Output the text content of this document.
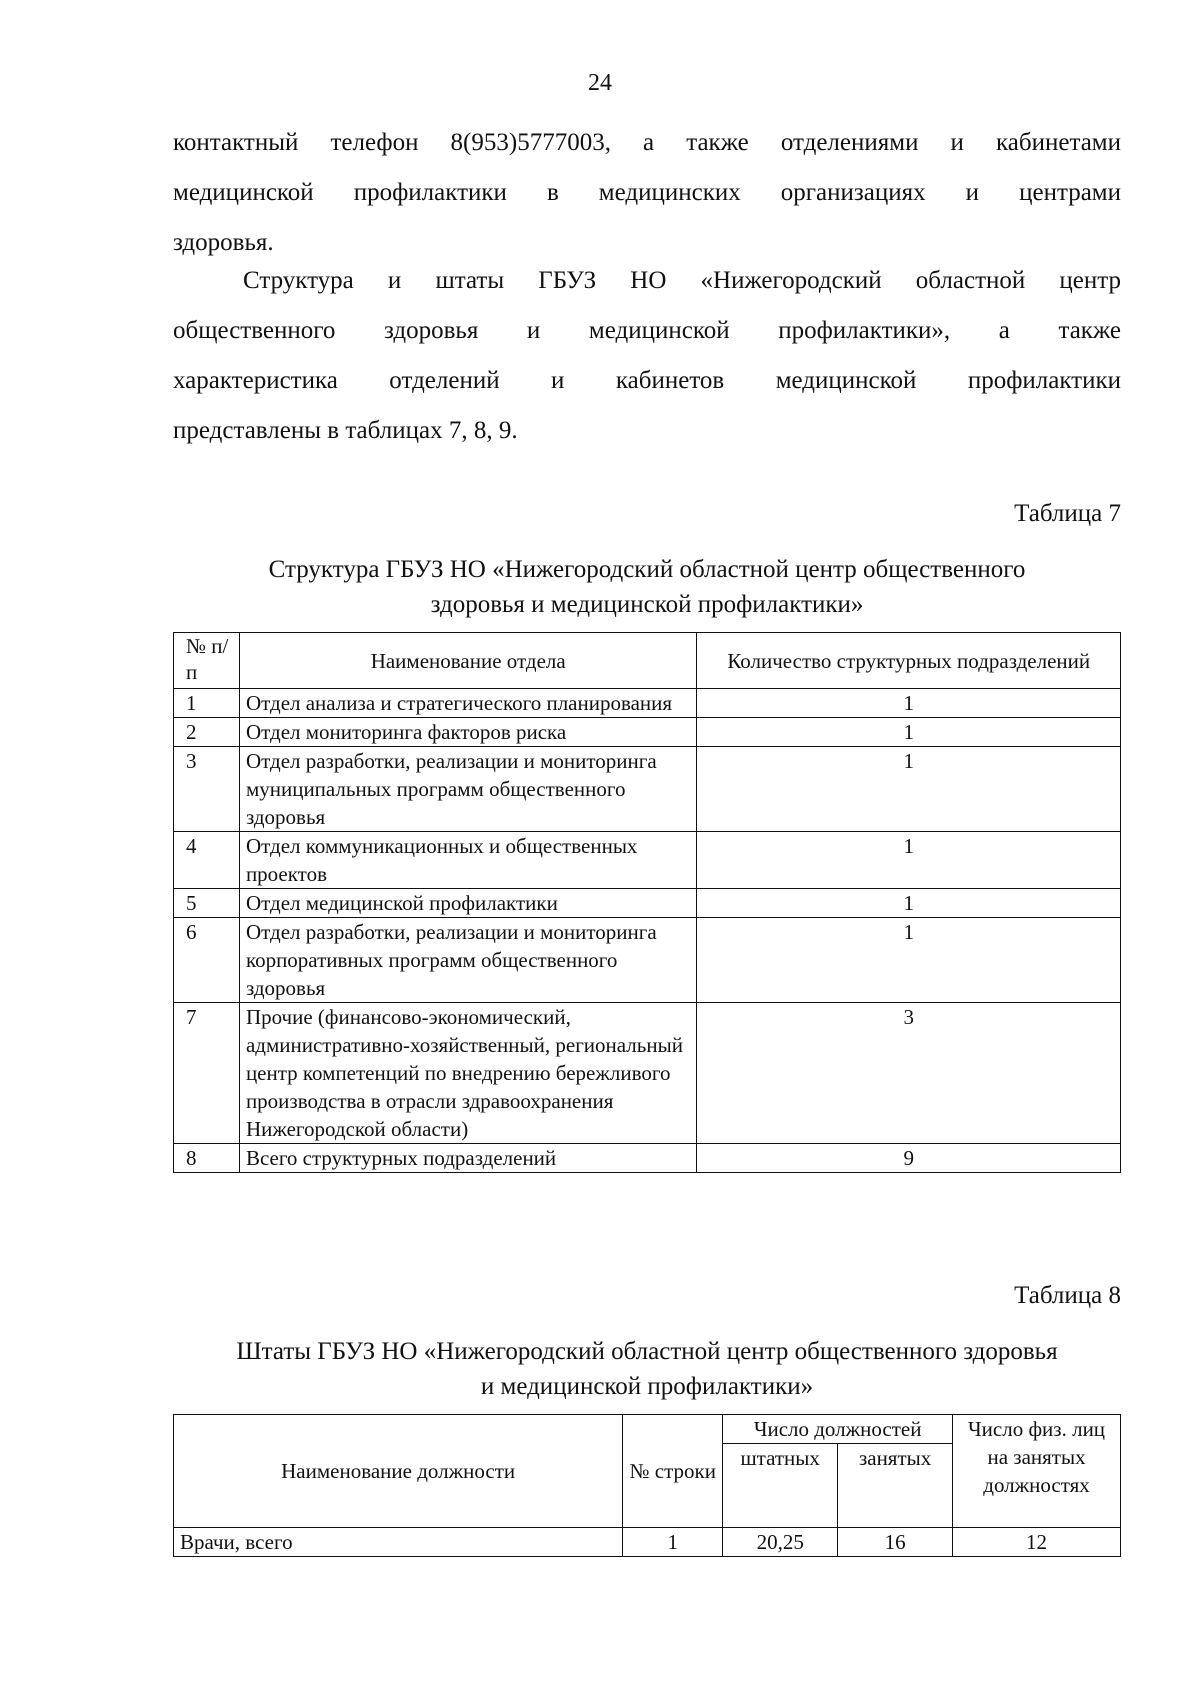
24
контактный телефон 8(953)5777003, а также отделениями и кабинетами
медицинской профилактики в медицинских организациях и центрами
здоровья.
Структура и штаты ГБУЗ НО «Нижегородский областной центр
общественного здоровья и медицинской профилактики», а также
характеристика отделений и кабинетов медицинской профилактики
представлены в таблицах 7, 8, 9.
Таблица 7
Структура ГБУЗ НО «Нижегородский областной центр общественного
здоровья и медицинской профилактики»
№ п/п	Наименование отдела	Количество структурных подразделений
1	Отдел анализа и стратегического планирования	1
2	Отдел мониторинга факторов риска	1
3	Отдел разработки, реализации и мониторинга муниципальных программ общественного здоровья	1
4	Отдел коммуникационных и общественных проектов	1
5	Отдел медицинской профилактики	1
6	Отдел разработки, реализации и мониторинга корпоративных программ общественного здоровья	1
7	Прочие (финансово-экономический, административно-хозяйственный, региональный центр компетенций по внедрению бережливого производства в отрасли здравоохранения Нижегородской области)	3
8	Всего структурных подразделений	9
Таблица 8
Штаты ГБУЗ НО «Нижегородский областной центр общественного здоровья
и медицинской профилактики»
Наименование должности	№ строки	Число должностей		Число физ. лиц на занятых должностях
		штатных	занятых	
Врачи, всего	1	20,25	16	12
